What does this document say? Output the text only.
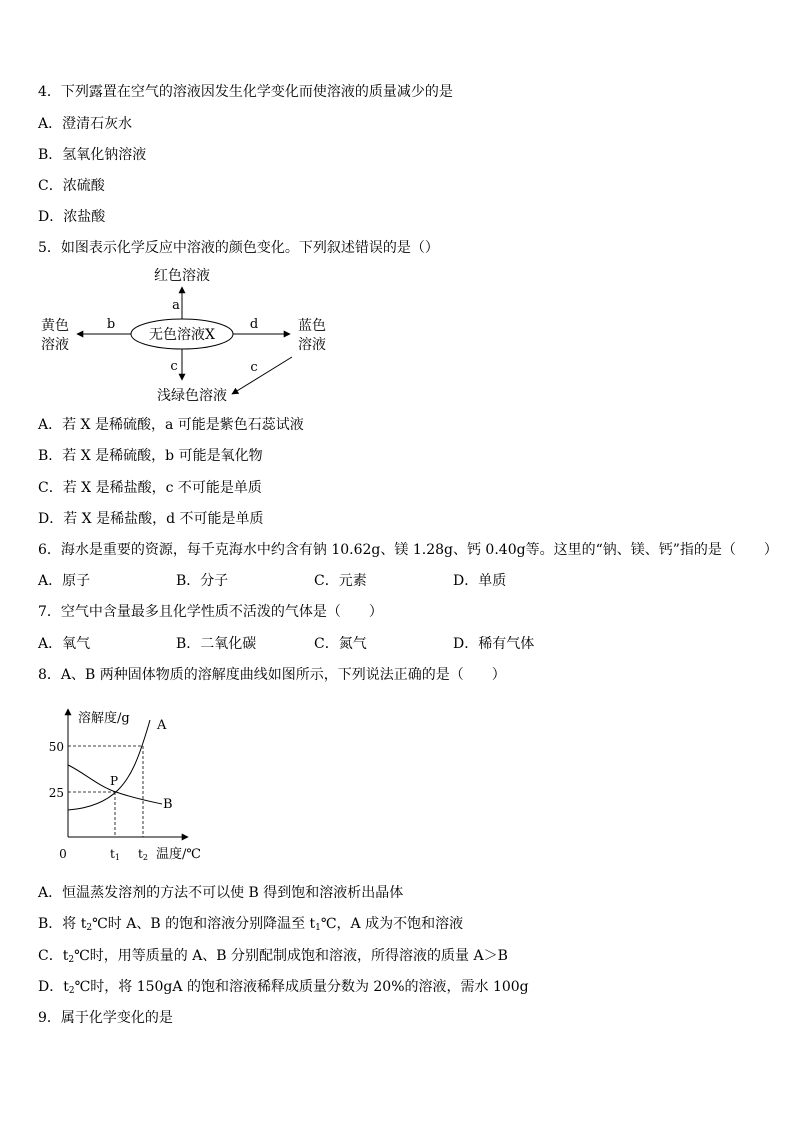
4．下列露置在空气的溶液因发生化学变化而使溶液的质量减少的是
A．澄清石灰水
B．氢氧化钠溶液
C．浓硫酸
D．浓盐酸
5．如图表示化学反应中溶液的颜色变化。下列叙述错误的是（）
无色溶液X
a
红色溶液
b
黄色
溶液
d	蓝色
溶液
c
浅绿色溶液
c
A．若 X 是稀硫酸，a 可能是紫色石蕊试液
B．若 X 是稀硫酸，b 可能是氧化物
C．若 X 是稀盐酸，c 不可能是单质
D．若 X 是稀盐酸，d 不可能是单质
6．海水是重要的资源，每千克海水中约含有钠 10.62g、镁 1.28g、钙 0.40g等。这里的“钠、镁、钙”指的是（　　）
A．原子	B．分子	C．元素	D．单质
7．空气中含量最多且化学性质不活泼的气体是（　　）
A．氧气	B．二氧化碳	C．氮气	D．稀有气体
8．A、B 两种固体物质的溶解度曲线如图所示，下列说法正确的是（　　）
溶解度/g
温度/℃
0
50
25
A
B
P
t1 t2
A．恒温蒸发溶剂的方法不可以使 B 得到饱和溶液析出晶体
B．将 $t_2℃$时 A、B 的饱和溶液分别降温至 $t_1℃$，A 成为不饱和溶液
C．$t_2℃$时，用等质量的 A、B 分别配制成饱和溶液，所得溶液的质量 A＞B
D．$t_2℃$时，将 150gA 的饱和溶液稀释成质量分数为 20%的溶液，需水 100g
9．属于化学变化的是
